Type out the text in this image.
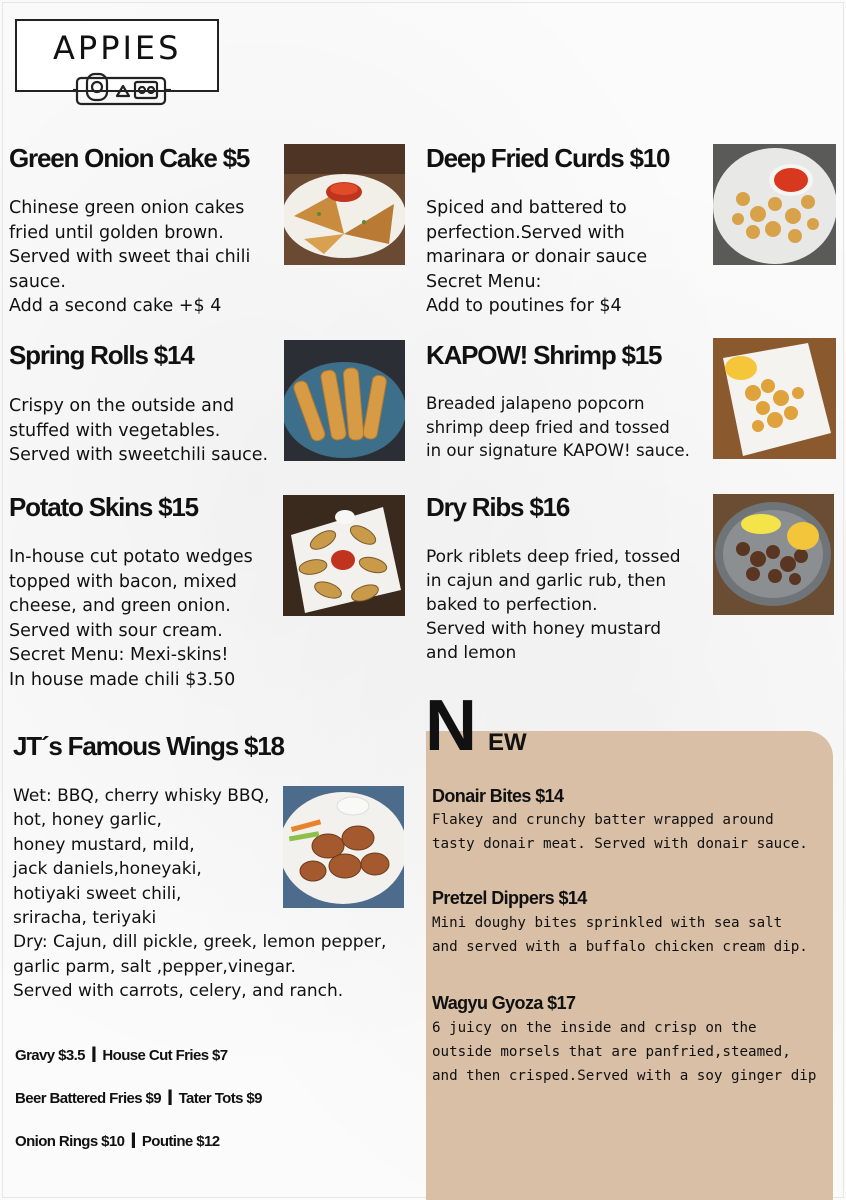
APPIES
Green Onion Cake $5
Chinese green onion cakes
fried until golden brown.
Served with sweet thai chili
sauce.
Add a second cake +$ 4
Deep Fried Curds $10
Spiced and battered to
perfection.Served with
marinara or donair sauce
Secret Menu:
Add to poutines for $4
Spring Rolls $14
Crispy on the outside and
stuffed with vegetables.
Served with sweetchili sauce.
KAPOW! Shrimp $15
Breaded jalapeno popcorn
shrimp deep fried and tossed
in our signature KAPOW! sauce.
Potato Skins $15
In-house cut potato wedges
topped with bacon, mixed
cheese, and green onion.
Served with sour cream.
Secret Menu: Mexi-skins!
In house made chili $3.50
Dry Ribs $16
Pork riblets deep fried, tossed
in cajun and garlic rub, then
baked to perfection.
Served with honey mustard
and lemon
JT´s Famous Wings $18
Wet: BBQ, cherry whisky BBQ,
hot, honey garlic,
honey mustard, mild,
jack daniels,honeyaki,
hotiyaki sweet chili,
sriracha, teriyaki
Dry: Cajun, dill pickle, greek, lemon pepper,
garlic parm, salt ,pepper,vinegar.
Served with carrots, celery, and ranch.
Gravy $3.5 I House Cut Fries $7
Beer Battered Fries $9 I Tater Tots $9
Onion Rings $10 I Poutine $12
N EW
Donair Bites $14
Flakey and crunchy batter wrapped around
tasty donair meat. Served with donair sauce.
Pretzel Dippers $14
Mini doughy bites sprinkled with sea salt
and served with a buffalo chicken cream dip.
Wagyu Gyoza $17
6 juicy on the inside and crisp on the
outside morsels that are panfried,steamed,
and then crisped.Served with a soy ginger dip
